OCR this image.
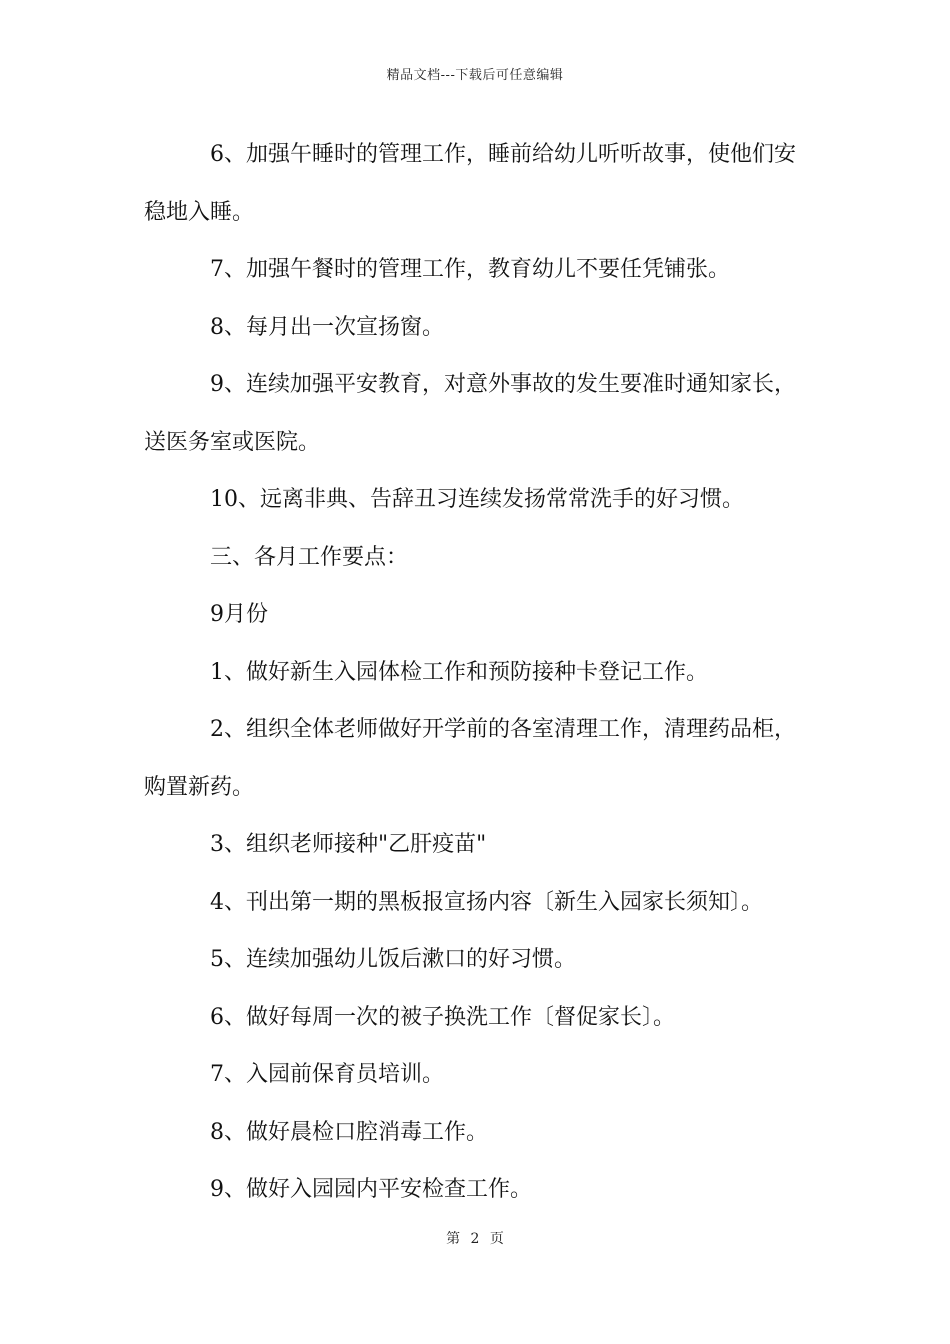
精品文档---下载后可任意编辑

6、加强午睡时的管理工作，睡前给幼儿听听故事，使他们安

稳地入睡。

7、加强午餐时的管理工作，教育幼儿不要任凭铺张。

8、每月出一次宣扬窗。

9、连续加强平安教育，对意外事故的发生要准时通知家长，

送医务室或医院。

10、远离非典、告辞丑习连续发扬常常洗手的好习惯。

三、各月工作要点：

9月份

1、做好新生入园体检工作和预防接种卡登记工作。

2、组织全体老师做好开学前的各室清理工作，清理药品柜，

购置新药。

3、组织老师接种"乙肝疫苗"

4、刊出第一期的黑板报宣扬内容〔新生入园家长须知〕。

5、连续加强幼儿饭后漱口的好习惯。

6、做好每周一次的被子换洗工作〔督促家长〕。

7、入园前保育员培训。

8、做好晨检口腔消毒工作。

9、做好入园园内平安检查工作。

第 2 页
